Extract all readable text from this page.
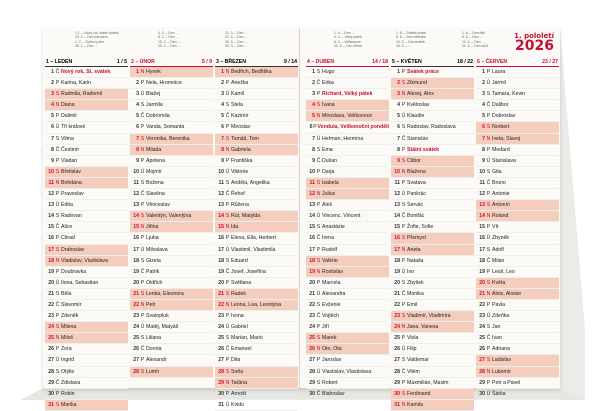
1.1. – Nový rok, státní svátek
29. 1. – Den narození
1. 2. – Světový den
30. 1. – Den …
4. 2. – Den …
8. 2. – Den …
15. 2. – Den …
26. 2. – Den …
12. 3. – Den …
21. 3. – Den …
28. 3. – Den …
30. 3. – Den …
1 – LEDEN	1 / 5
1 Č Nový rok, St. svátek
2 P Karina, Karin
3 S Radmila, Radomil
4 N Diana
5 P Dalimil
6 Ú Tři králové
7 S Vilma
8 Č Čestmír
9 P Vladan
10 S Břetislav
11 N Bohdana
12 P Pravoslav
13 Ú Edita
14 S Radovan
15 Č Alice
16 P Ctirad
17 S Drahoslav
18 N Vladislav, Vladislava
19 P Doubravka
20 Ú Ilona, Sebastian
21 S Běla
22 Č Slavomír
23 P Zdeněk
24 S Milena
25 N Miloš
26 P Zora
27 Ú Ingrid
28 S Otýlie
29 Č Zdislava
30 P Robin
31 S Marika
2 – ÚNOR	5 / 9
1 N Hynek
2 P Nela, Hromnice
3 Ú Blažej
4 S Jarmila
5 Č Dobromila
6 P Vanda, Somanta
7 S Veronika, Berenika
8 N Milada
9 P Apolena
10 Ú Mojmír
11 S Božena
12 Č Slavěna
13 P Věnceslav
14 S Valentýn, Valentýna
15 N Jiřina
16 P Ljuba
17 Ú Miloslava
18 S Gizela
19 Č Patrik
20 P Oldřich
21 S Lenka, Eleonora
22 N Petr
23 P Svatopluk
24 Ú Matěj, Matyáš
25 S Liliana
26 Č Dorota
27 P Alexandr
28 S Lumír
3 – BŘEZEN	9 / 14
1 N Bedřich, Bedřiška
2 P Anežka
3 Ú Kamil
4 S Stela
5 Č Kazimír
6 P Miroslav
7 S Tomáš, Tom
8 N Gabriela
9 P Františka
10 Ú Viktorie
11 S Anděla, Angelika
12 Č Řehoř
13 P Růžena
14 S Rút, Matylda
15 N Ida
16 P Elena, Ella, Herbert
17 Ú Vlastimil, Vlastimila
18 S Eduard
19 Č Josef, Josefína
20 P Světlana
21 S Radek
22 N Leona, Lea, Leontýna
23 P Ivona
24 Ú Gabriel
25 S Marian, Mario
26 Č Emanuel
27 P Dita
28 S Soňa
29 N Taťána
30 P Arnošt
31 Ú Kvido
1. 4. – Den …
3. 4. – Velký pátek
5. 4. – Velikonoce
22. 4. – Den Země
1. 5. – Svátek práce
8. 5. – Den vítězství
10. 5. – Den matek
16. 5. – …
1. 6. – Den dětí
5. 6. – Den …
10. 6. – Den …
21. 6. – Den otců
1. pololetí
2026
4 – DUBEN	14 / 18
1 S Hugo
2 Č Erika
3 P Richard, Velký pátek
4 S Ivana
5 N Miroslava, Velikonoce
6 P Vendula, Velikonoční pondělí
7 Ú Heřman, Hermína
8 S Ema
9 Č Dušan
10 P Darja
11 S Izabela
12 N Julius
13 P Aleš
14 Ú Vincenc, Vincent
15 S Anastázie
16 Č Irena
17 P Rudolf
18 S Valérie
19 N Rostislav
20 P Marcela
21 Ú Alexandra
22 S Evženie
23 Č Vojtěch
24 P Jiří
25 S Marek
26 N Oto, Ota
27 P Jaroslav
28 Ú Vlastislav, Vlastislava
29 S Robert
30 Č Blahoslav
5 – KVĚTEN	18 / 22
1 P Svátek práce
2 S Zikmund
3 N Alexej, Alex
4 P Květoslav
5 Ú Klaudie
6 S Radoslav, Radoslava
7 Č Stanislav
8 P Státní svátek
9 S Ctibor
10 N Blažena
11 P Svatava
12 Ú Pankrác
13 S Servác
14 Č Bonifác
15 P Žofie, Sofie
16 S Přemysl
17 N Aneta
18 P Nataša
19 Ú Ivo
20 S Zbyšek
21 Č Monika
22 P Emil
23 S Vladimír, Vladimíra
24 N Jana, Vanesa
25 P Viola
26 Ú Filip
27 S Valdemar
28 Č Vilém
29 P Maxmilián, Maxim
30 S Ferdinand
31 N Kamila
6 – ČERVEN	23 / 27
1 P Laura
2 Ú Jarmil
3 S Tamara, Kevin
4 Č Dalibor
5 P Dobroslav
6 S Norbert
7 N Iveta, Slavoj
8 P Medard
9 Ú Stanislava
10 S Gita
11 Č Bruno
12 P Antonie
13 S Antonín
14 N Roland
15 P Vít
16 Ú Zbyněk
17 S Adolf
18 Č Milan
19 P Leoš, Leo
20 S Květa
21 N Alois, Aloisie
22 P Pavla
23 Ú Zdeňka
24 S Jan
25 Č Ivan
26 P Adriana
27 S Ladislav
28 N Lubomír
29 P Petr a Pavel
30 Ú Šárka
